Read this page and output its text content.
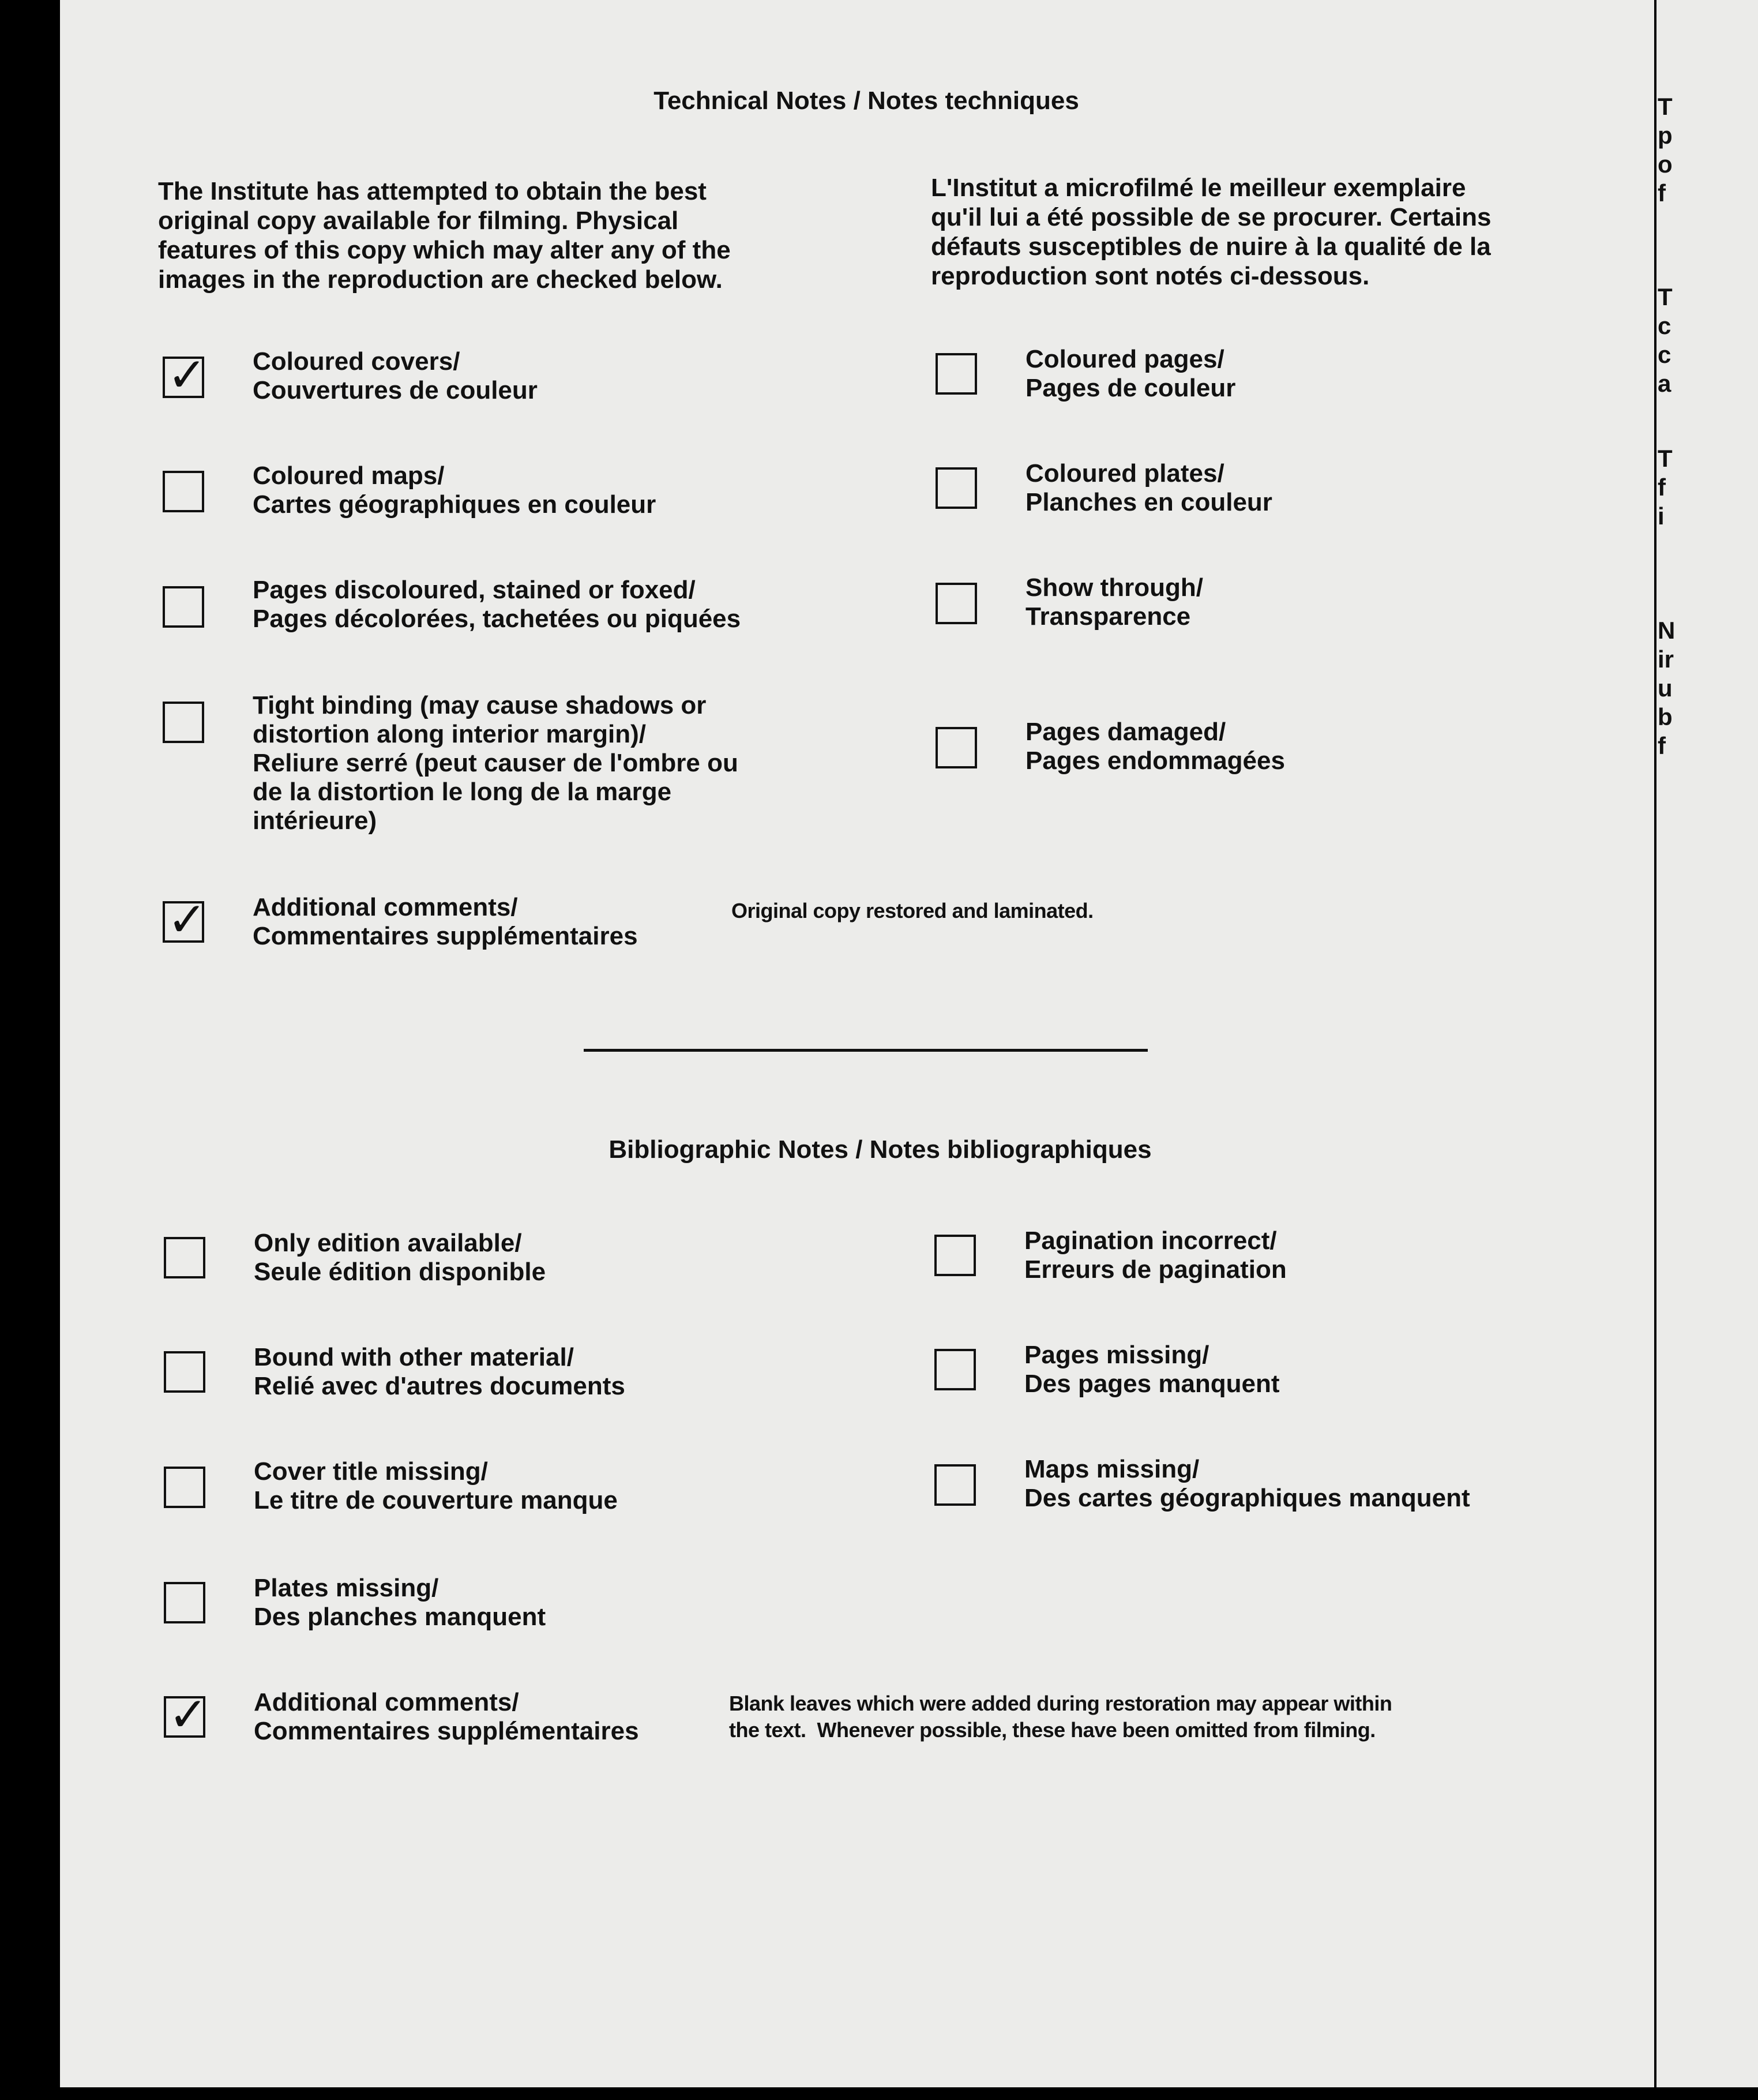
T
p
o
f
T
c
c
a
T
f
i
N
ir
u
b
f
Technical Notes / Notes techniques
The Institute has attempted to obtain the best
original copy available for filming. Physical
features of this copy which may alter any of the
images in the reproduction are checked below.
L'Institut a microfilmé le meilleur exemplaire
qu'il lui a été possible de se procurer. Certains
défauts susceptibles de nuire à la qualité de la
reproduction sont notés ci-dessous.
✓ Coloured covers/
Couvertures de couleur
Coloured pages/
Pages de couleur
Coloured maps/
Cartes géographiques en couleur
Coloured plates/
Planches en couleur
Pages discoloured, stained or foxed/
Pages décolorées, tachetées ou piquées
Show through/
Transparence
Tight binding (may cause shadows or
distortion along interior margin)/
Reliure serré (peut causer de l'ombre ou
de la distortion le long de la marge
intérieure)
Pages damaged/
Pages endommagées
✓ Additional comments/
Commentaires supplémentaires
Original copy restored and laminated.
Bibliographic Notes / Notes bibliographiques
Only edition available/
Seule édition disponible
Pagination incorrect/
Erreurs de pagination
Bound with other material/
Relié avec d'autres documents
Pages missing/
Des pages manquent
Cover title missing/
Le titre de couverture manque
Maps missing/
Des cartes géographiques manquent
Plates missing/
Des planches manquent
✓ Additional comments/
Commentaires supplémentaires
Blank leaves which were added during restoration may appear within
the text.  Whenever possible, these have been omitted from filming.
